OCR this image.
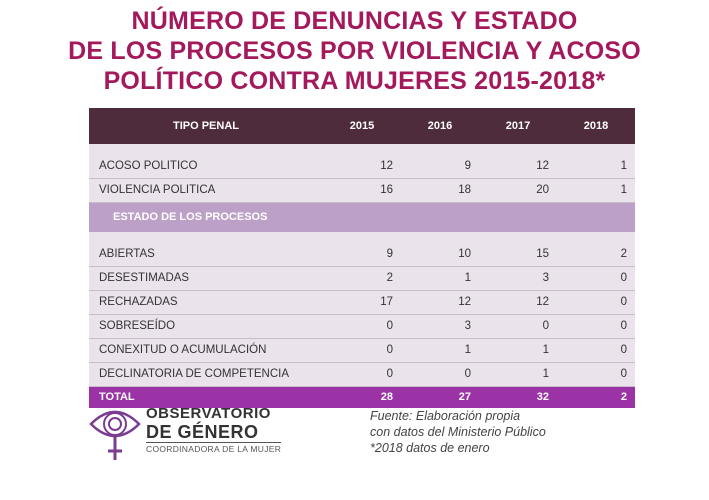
NÚMERO DE DENUNCIAS Y ESTADO
DE LOS PROCESOS POR VIOLENCIA Y ACOSO
POLÍTICO CONTRA MUJERES 2015-2018*
TIPO PENAL	2015	2016	2017	2018

ACOSO POLITICO	12	9	12	1
VIOLENCIA POLITICA	16	18	20	1
ESTADO DE LOS PROCESOS				

ABIERTAS	9	10	15	2
DESESTIMADAS	2	1	3	0
RECHAZADAS	17	12	12	0
SOBRESEÍDO	0	3	0	0
CONEXITUD O ACUMULACIÓN	0	1	1	0
DECLINATORIA DE COMPETENCIA	0	0	1	0
TOTAL	28	27	32	2
OBSERVATORIO
DE GÉNERO
COORDINADORA DE LA MUJER
Fuente: Elaboración propia
con datos del Ministerio Público
*2018 datos de enero
